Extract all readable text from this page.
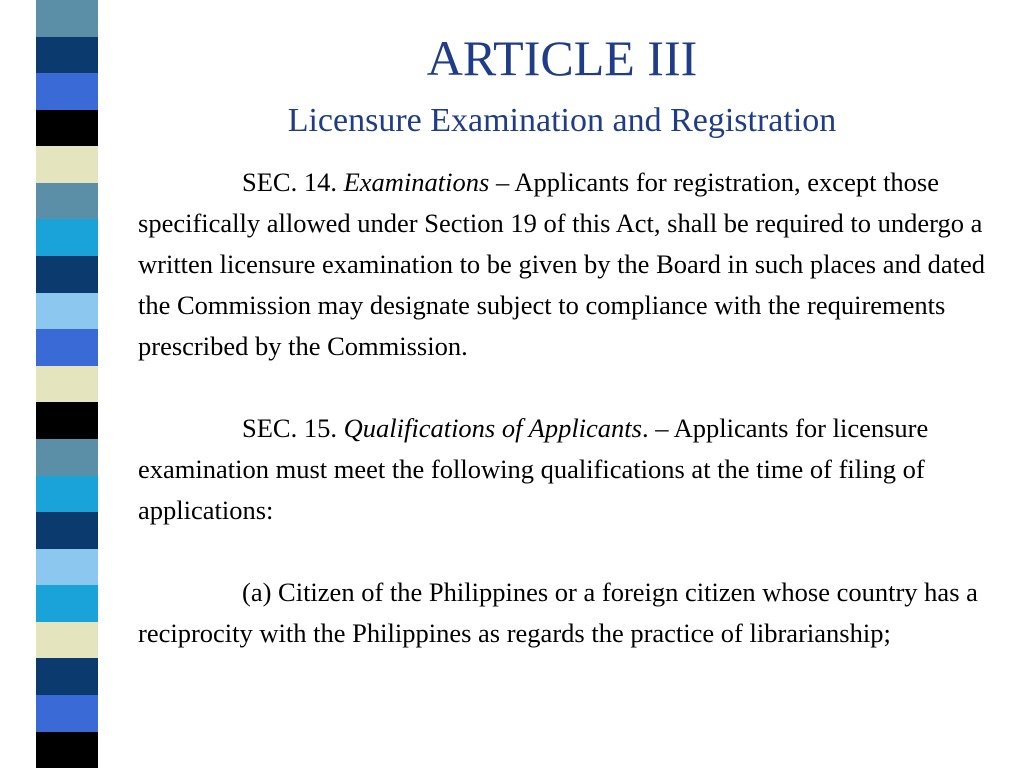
ARTICLE III
Licensure Examination and Registration

SEC. 14. Examinations – Applicants for registration, except those specifically allowed under Section 19 of this Act, shall be required to undergo a written licensure examination to be given by the Board in such places and dated the Commission may designate subject to compliance with the requirements prescribed by the Commission.

SEC. 15. Qualifications of Applicants. – Applicants for licensure examination must meet the following qualifications at the time of filing of applications:

(a) Citizen of the Philippines or a foreign citizen whose country has a reciprocity with the Philippines as regards the practice of librarianship;
